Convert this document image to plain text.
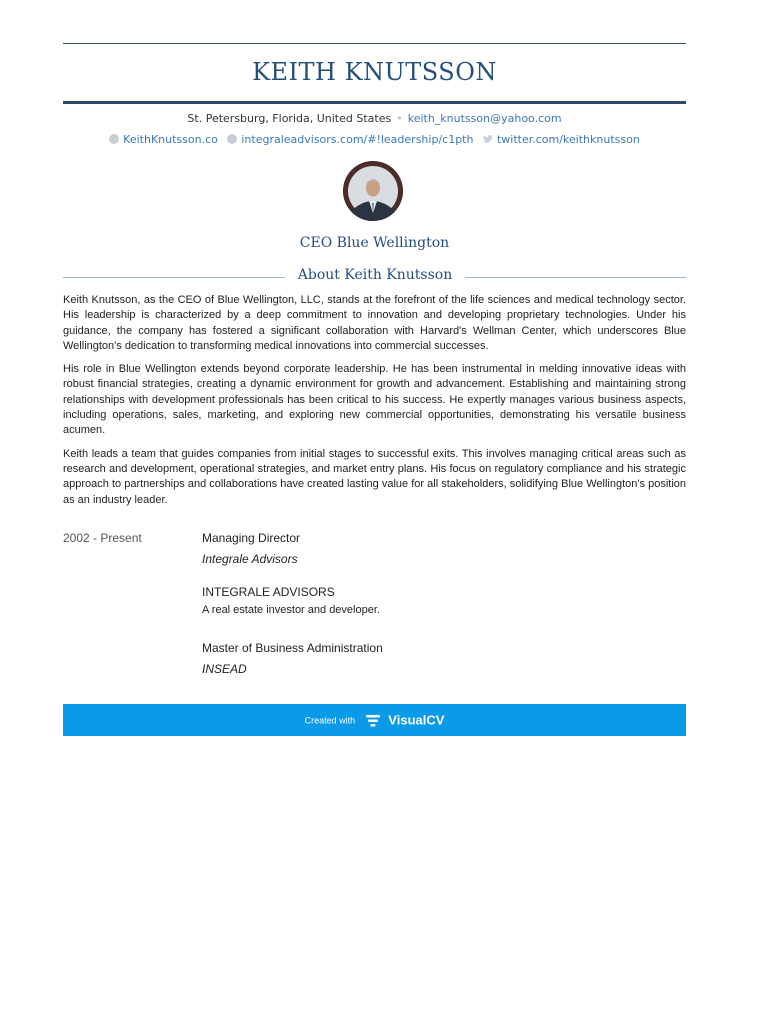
KEITH KNUTSSON
St. Petersburg, Florida, United States • keith_knutsson@yahoo.com
KeithKnutsson.co integraleadvisors.com/#!leadership/c1pth twitter.com/keithknutsson
CEO Blue Wellington
About Keith Knutsson

Keith Knutsson, as the CEO of Blue Wellington, LLC, stands at the forefront of the life sciences and medical technology sector. His leadership is characterized by a deep commitment to innovation and developing proprietary technologies. Under his guidance, the company has fostered a significant collaboration with Harvard's Wellman Center, which underscores Blue Wellington's dedication to transforming medical innovations into commercial successes.

His role in Blue Wellington extends beyond corporate leadership. He has been instrumental in melding innovative ideas with robust financial strategies, creating a dynamic environment for growth and advancement. Establishing and maintaining strong relationships with development professionals has been critical to his success. He expertly manages various business aspects, including operations, sales, marketing, and exploring new commercial opportunities, demonstrating his versatile business acumen.

Keith leads a team that guides companies from initial stages to successful exits. This involves managing critical areas such as research and development, operational strategies, and market entry plans. His focus on regulatory compliance and his strategic approach to partnerships and collaborations have created lasting value for all stakeholders, solidifying Blue Wellington's position as an industry leader.

2002 - Present	Managing Director
Integrale Advisors
INTEGRALE ADVISORS
A real estate investor and developer.
Master of Business Administration
INSEAD
Created with	VisualCV
